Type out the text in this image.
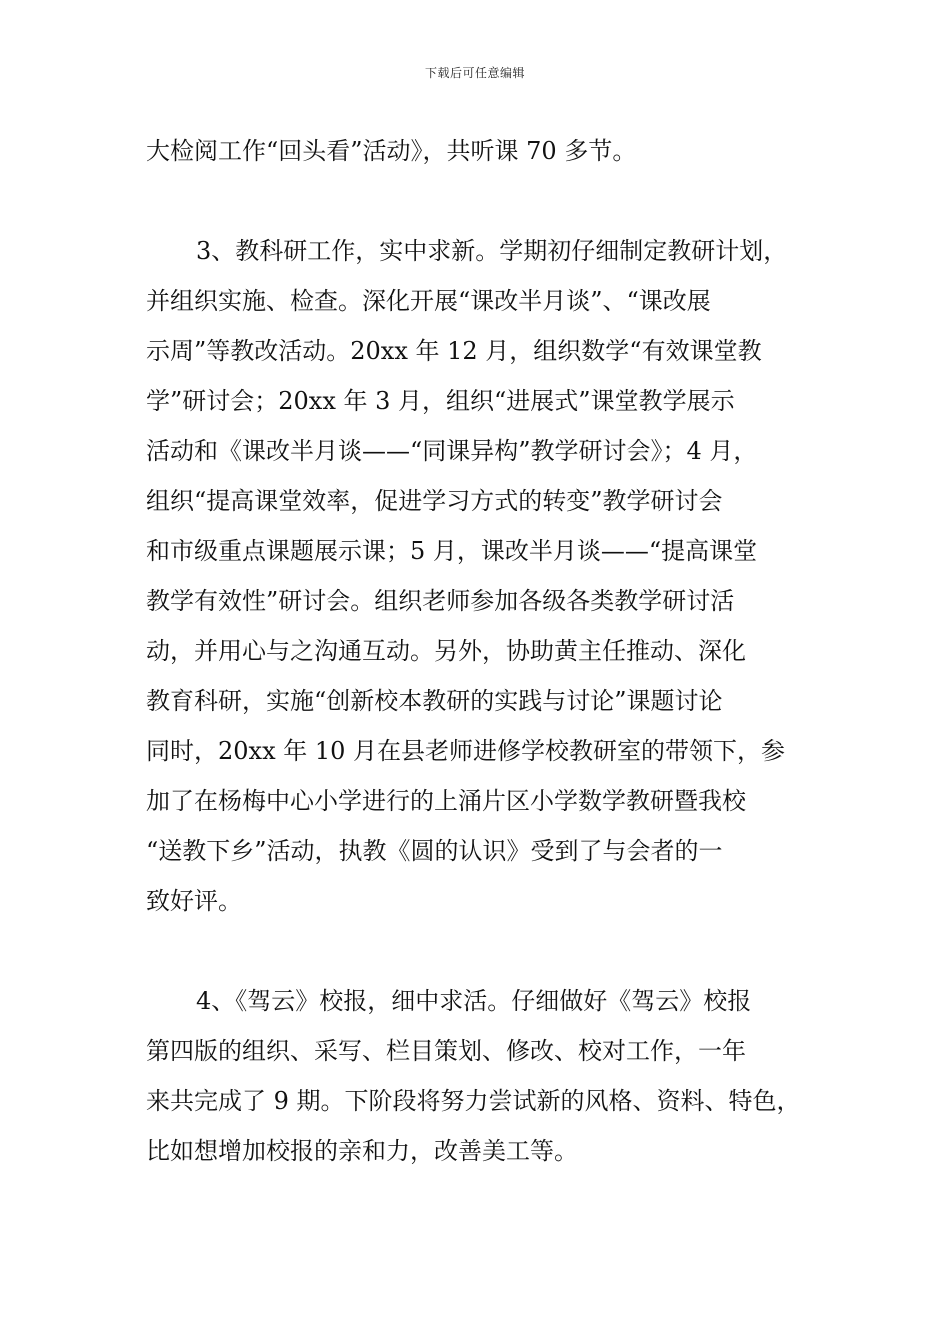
下载后可任意编辑
大检阅工作“回头看”活动》，共听课 70 多节。
3、教科研工作，实中求新。学期初仔细制定教研计划，
并组织实施、检查。深化开展“课改半月谈”、“课改展
示周”等教改活动。20xx 年 12 月，组织数学“有效课堂教
学”研讨会；20xx 年 3 月，组织“进展式”课堂教学展示
活动和《课改半月谈——“同课异构”教学研讨会》；4 月，
组织“提高课堂效率，促进学习方式的转变”教学研讨会
和市级重点课题展示课；5 月，课改半月谈——“提高课堂
教学有效性”研讨会。组织老师参加各级各类教学研讨活
动，并用心与之沟通互动。另外，协助黄主任推动、深化
教育科研，实施“创新校本教研的实践与讨论”课题讨论
同时，20xx 年 10 月在县老师进修学校教研室的带领下，参
加了在杨梅中心小学进行的上涌片区小学数学教研暨我校
“送教下乡”活动，执教《圆的认识》受到了与会者的一
致好评。
4、《驾云》校报，细中求活。仔细做好《驾云》校报
第四版的组织、采写、栏目策划、修改、校对工作，一年
来共完成了 9 期。下阶段将努力尝试新的风格、资料、特色，
比如想增加校报的亲和力，改善美工等。
